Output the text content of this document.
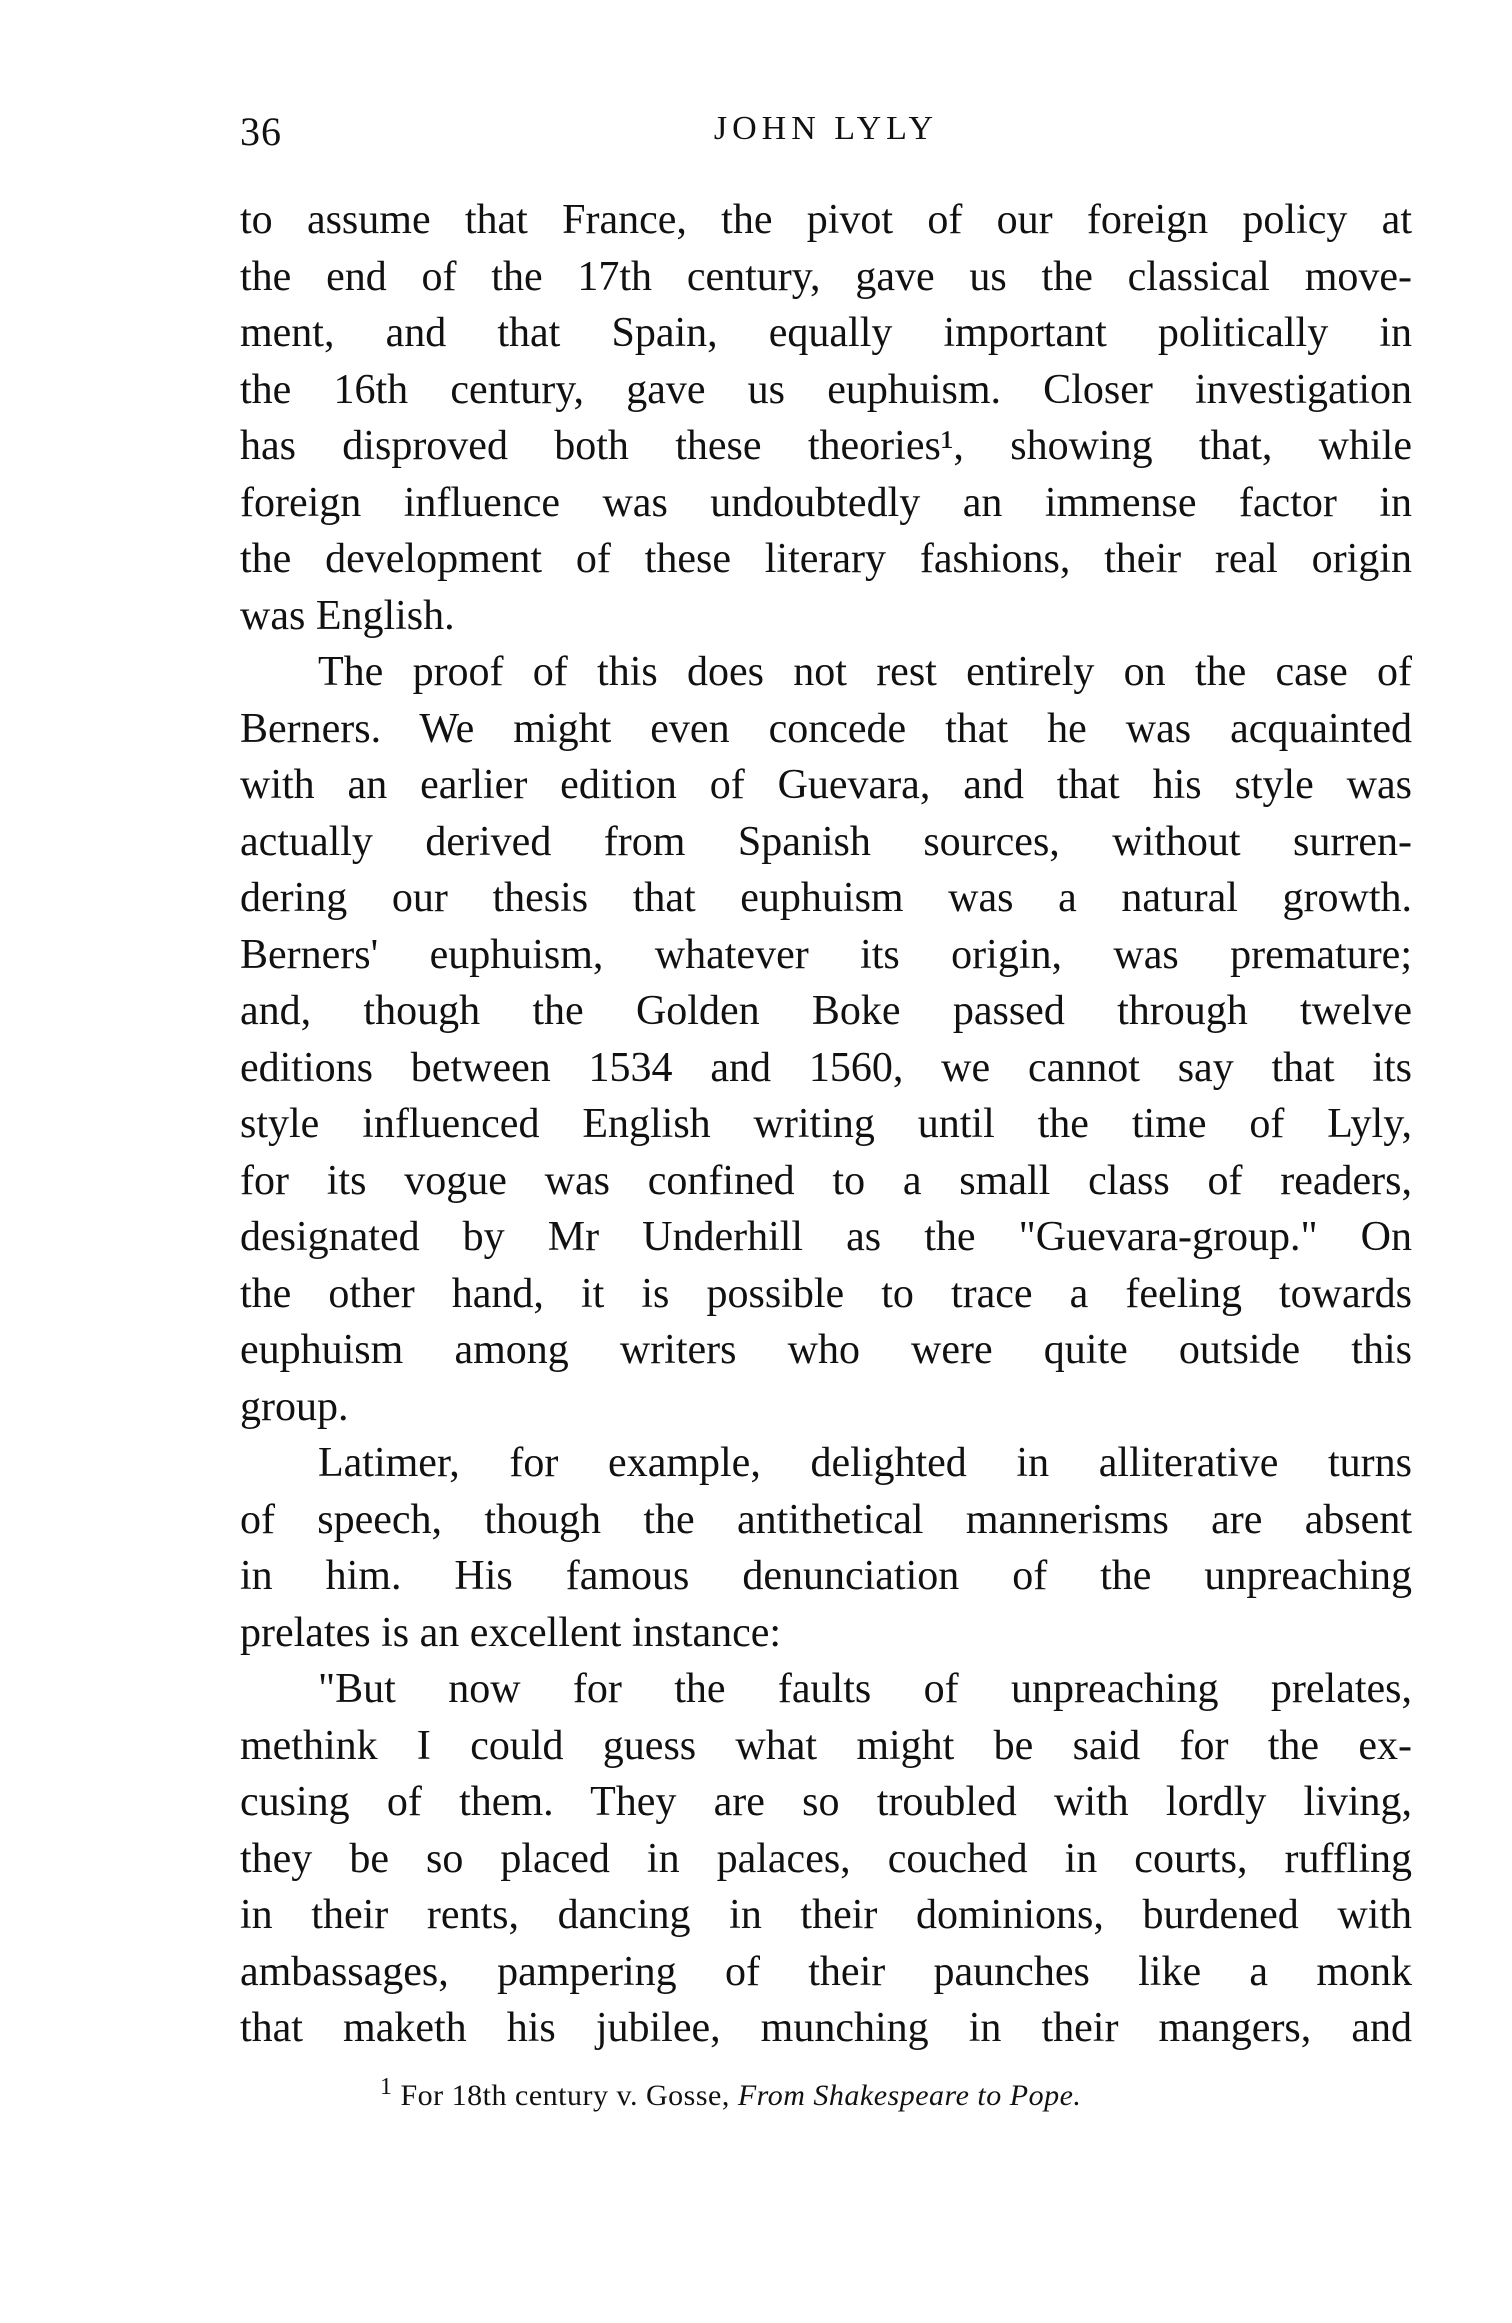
36	JOHN LYLY
to assume that France, the pivot of our foreign policy at
the end of the 17th century, gave us the classical move-
ment, and that Spain, equally important politically in
the 16th century, gave us euphuism. Closer investigation
has disproved both these theories¹, showing that, while
foreign influence was undoubtedly an immense factor in
the development of these literary fashions, their real origin
was English.
The proof of this does not rest entirely on the case of
Berners. We might even concede that he was acquainted
with an earlier edition of Guevara, and that his style was
actually derived from Spanish sources, without surren-
dering our thesis that euphuism was a natural growth.
Berners' euphuism, whatever its origin, was premature;
and, though the Golden Boke passed through twelve
editions between 1534 and 1560, we cannot say that its
style influenced English writing until the time of Lyly,
for its vogue was confined to a small class of readers,
designated by Mr Underhill as the "Guevara-group." On
the other hand, it is possible to trace a feeling towards
euphuism among writers who were quite outside this
group.
Latimer, for example, delighted in alliterative turns
of speech, though the antithetical mannerisms are absent
in him. His famous denunciation of the unpreaching
prelates is an excellent instance:
"But now for the faults of unpreaching prelates,
methink I could guess what might be said for the ex-
cusing of them. They are so troubled with lordly living,
they be so placed in palaces, couched in courts, ruffling
in their rents, dancing in their dominions, burdened with
ambassages, pampering of their paunches like a monk
that maketh his jubilee, munching in their mangers, and
$^1$ For 18th century v. Gosse, From Shakespeare to Pope.
